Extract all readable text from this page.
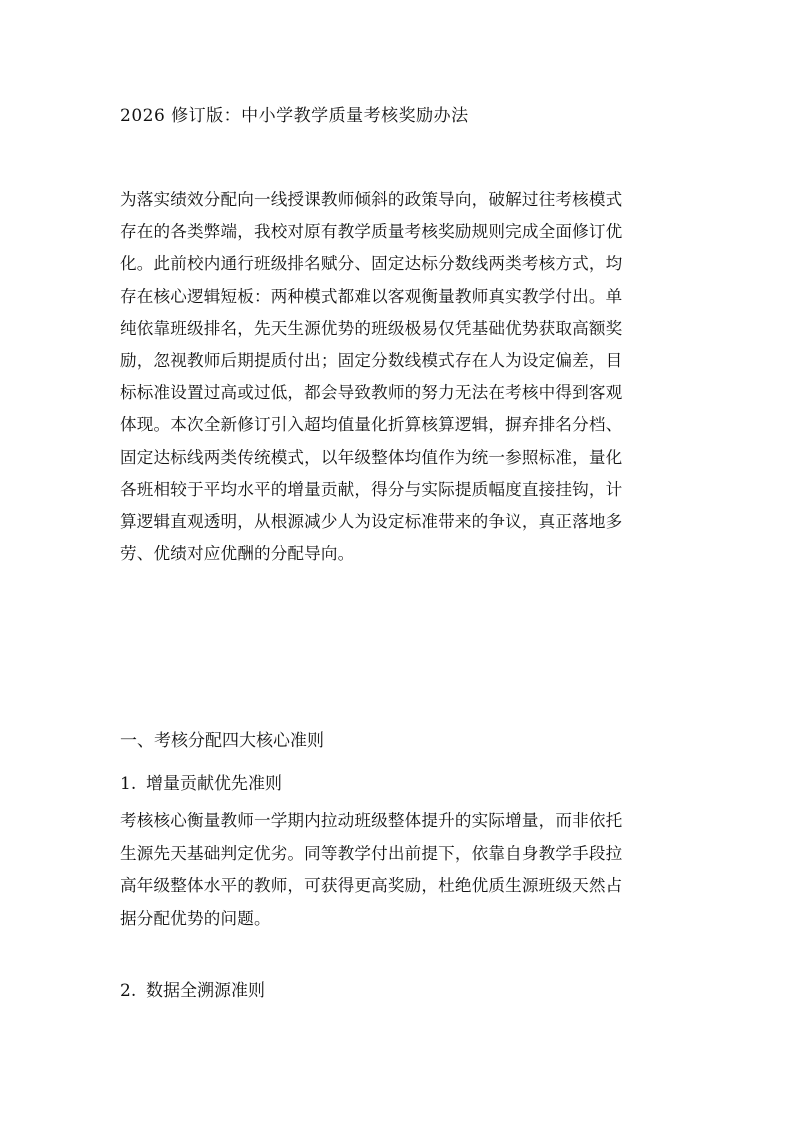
2026 修订版：中小学教学质量考核奖励办法
为落实绩效分配向一线授课教师倾斜的政策导向，破解过往考核模式
存在的各类弊端，我校对原有教学质量考核奖励规则完成全面修订优
化。此前校内通行班级排名赋分、固定达标分数线两类考核方式，均
存在核心逻辑短板：两种模式都难以客观衡量教师真实教学付出。单
纯依靠班级排名，先天生源优势的班级极易仅凭基础优势获取高额奖
励，忽视教师后期提质付出；固定分数线模式存在人为设定偏差，目
标标准设置过高或过低，都会导致教师的努力无法在考核中得到客观
体现。本次全新修订引入超均值量化折算核算逻辑，摒弃排名分档、
固定达标线两类传统模式，以年级整体均值作为统一参照标准，量化
各班相较于平均水平的增量贡献，得分与实际提质幅度直接挂钩，计
算逻辑直观透明，从根源减少人为设定标准带来的争议，真正落地多
劳、优绩对应优酬的分配导向。
一、考核分配四大核心准则
1. 增量贡献优先准则
考核核心衡量教师一学期内拉动班级整体提升的实际增量，而非依托
生源先天基础判定优劣。同等教学付出前提下，依靠自身教学手段拉
高年级整体水平的教师，可获得更高奖励，杜绝优质生源班级天然占
据分配优势的问题。
2. 数据全溯源准则
